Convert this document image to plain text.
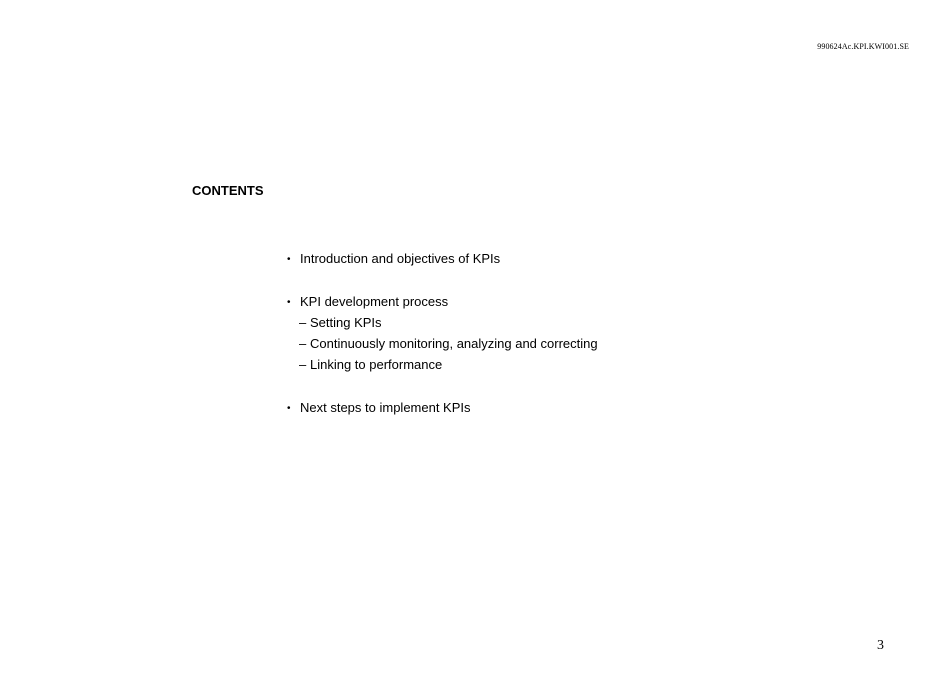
990624Ac.KPI.KWI001.SE
CONTENTS
• Introduction and objectives of KPIs
• KPI development process
– Setting KPIs
– Continuously monitoring, analyzing and correcting
– Linking to performance
• Next steps to implement KPIs
3
